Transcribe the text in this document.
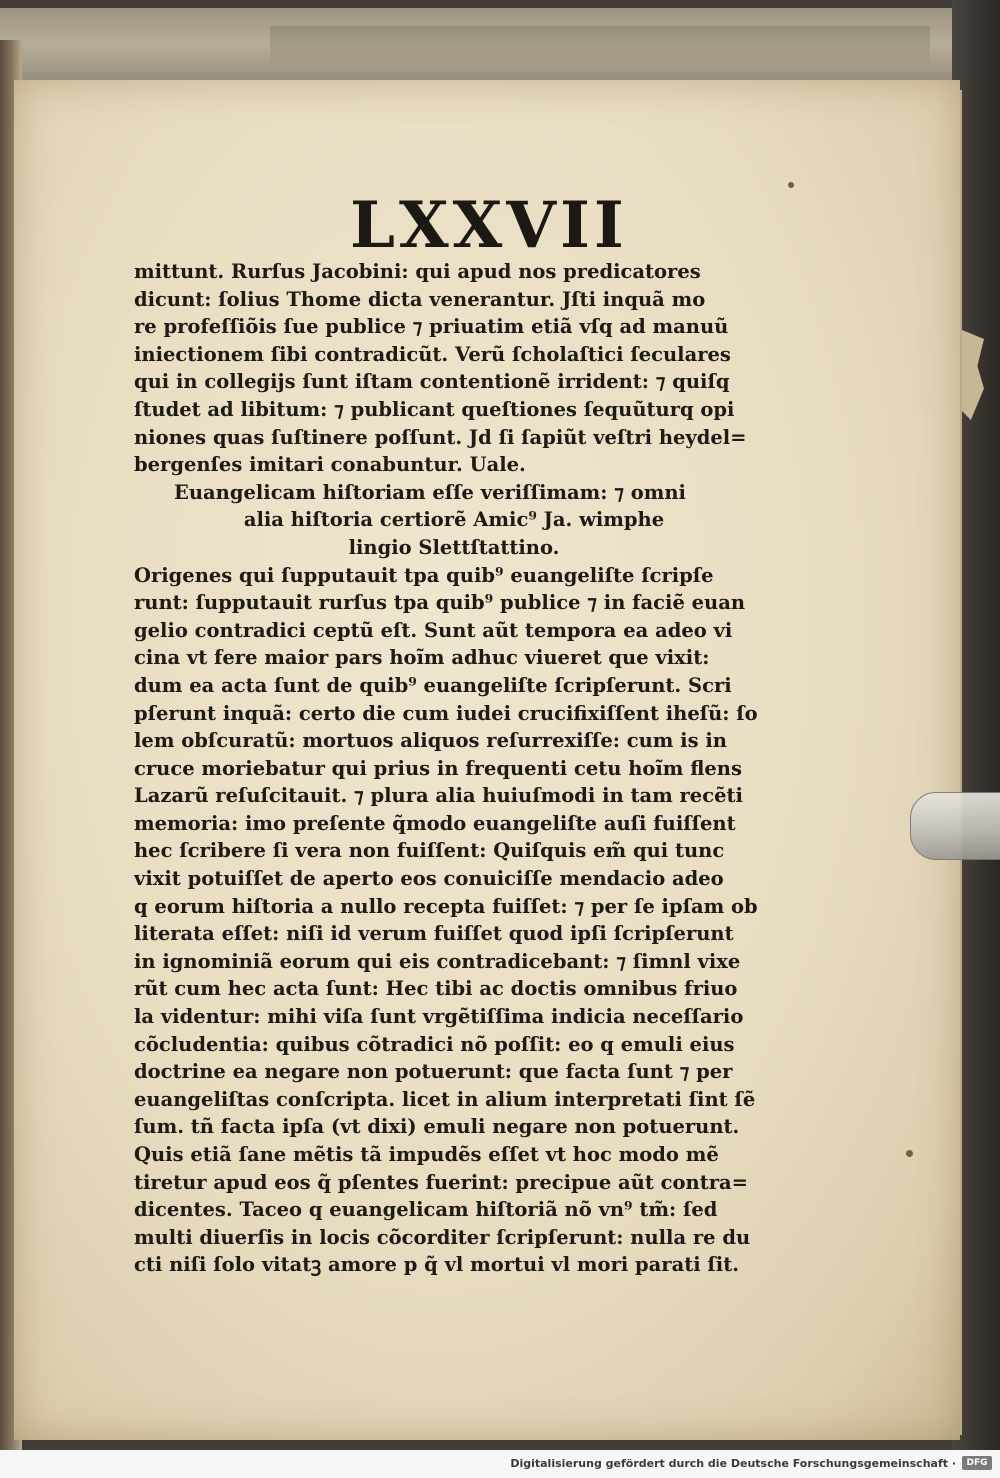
LXXVII
mittunt. Rurſus Jacobini: qui apud nos predicatores
dicunt: ſolius Thome dicta venerantur. Jſti inquã mo
re profeſſiõis ſue publice ⁊ priuatim etiã vſq ad manuũ
iniectionem ſibi contradicũt. Verũ ſcholaſtici ſeculares
qui in collegijs ſunt iſtam contentionẽ irrident: ⁊ quiſq
ſtudet ad libitum: ⁊ publicant queſtiones ſequũturq opi
niones quas ſuſtinere poſſunt. Jd ſi ſapiũt veſtri heydel=
bergenſes imitari conabuntur. Uale.
Euangelicam hiſtoriam eſſe veriſſimam: ⁊ omni
alia hiſtoria certiorẽ Amic⁹ Ja. wimphe
lingio Slettſtattino.
Origenes qui ſupputauit tpa quib⁹ euangeliſte ſcripſe
runt: ſupputauit rurſus tpa quib⁹ publice ⁊ in faciẽ euan
gelio contradici ceptũ eſt. Sunt aũt tempora ea adeo vi
cina vt fere maior pars hoĩm adhuc viueret que vixit:
dum ea acta ſunt de quib⁹ euangeliſte ſcripſerunt. Scri
pſerunt inquã: certo die cum iudei crucifixiſſent iheſũ: ſo
lem obſcuratũ: mortuos aliquos reſurrexiſſe: cum is in
cruce moriebatur qui prius in frequenti cetu hoĩm flens
Lazarũ reſuſcitauit. ⁊ plura alia huiuſmodi in tam recẽti
memoria: imo preſente q̃modo euangeliſte auſi fuiſſent
hec ſcribere ſi vera non fuiſſent: Quiſquis em̃ qui tunc
vixit potuiſſet de aperto eos conuiciſſe mendacio adeo
q eorum hiſtoria a nullo recepta fuiſſet: ⁊ per ſe ipſam ob
literata eſſet: niſi id verum fuiſſet quod ipſi ſcripſerunt
in ignominiã eorum qui eis contradicebant: ⁊ ſimnl vixe
rũt cum hec acta ſunt: Hec tibi ac doctis omnibus friuo
la videntur: mihi viſa ſunt vrgẽtiſſima indicia neceſſario
cõcludentia: quibus cõtradici nõ poſſit: eo q emuli eius
doctrine ea negare non potuerunt: que facta ſunt ⁊ per
euangeliſtas conſcripta. licet in alium interpretati ſint ſẽ
ſum. tñ facta ipſa (vt dixi) emuli negare non potuerunt.
Quis etiã ſane mẽtis tã impudẽs eſſet vt hoc modo mẽ
tiretur apud eos q̃ pſentes fuerint: precipue aũt contra=
dicentes. Taceo q euangelicam hiſtoriã nõ vn⁹ tm̃: ſed
multi diuerſis in locis cõcorditer ſcripſerunt: nulla re du
cti niſi ſolo vitatꝫ amore p q̃ vl mortui vl mori parati ſit.
Digitalisierung gefördert durch die Deutsche Forschungsgemeinschaft ·	DFG
